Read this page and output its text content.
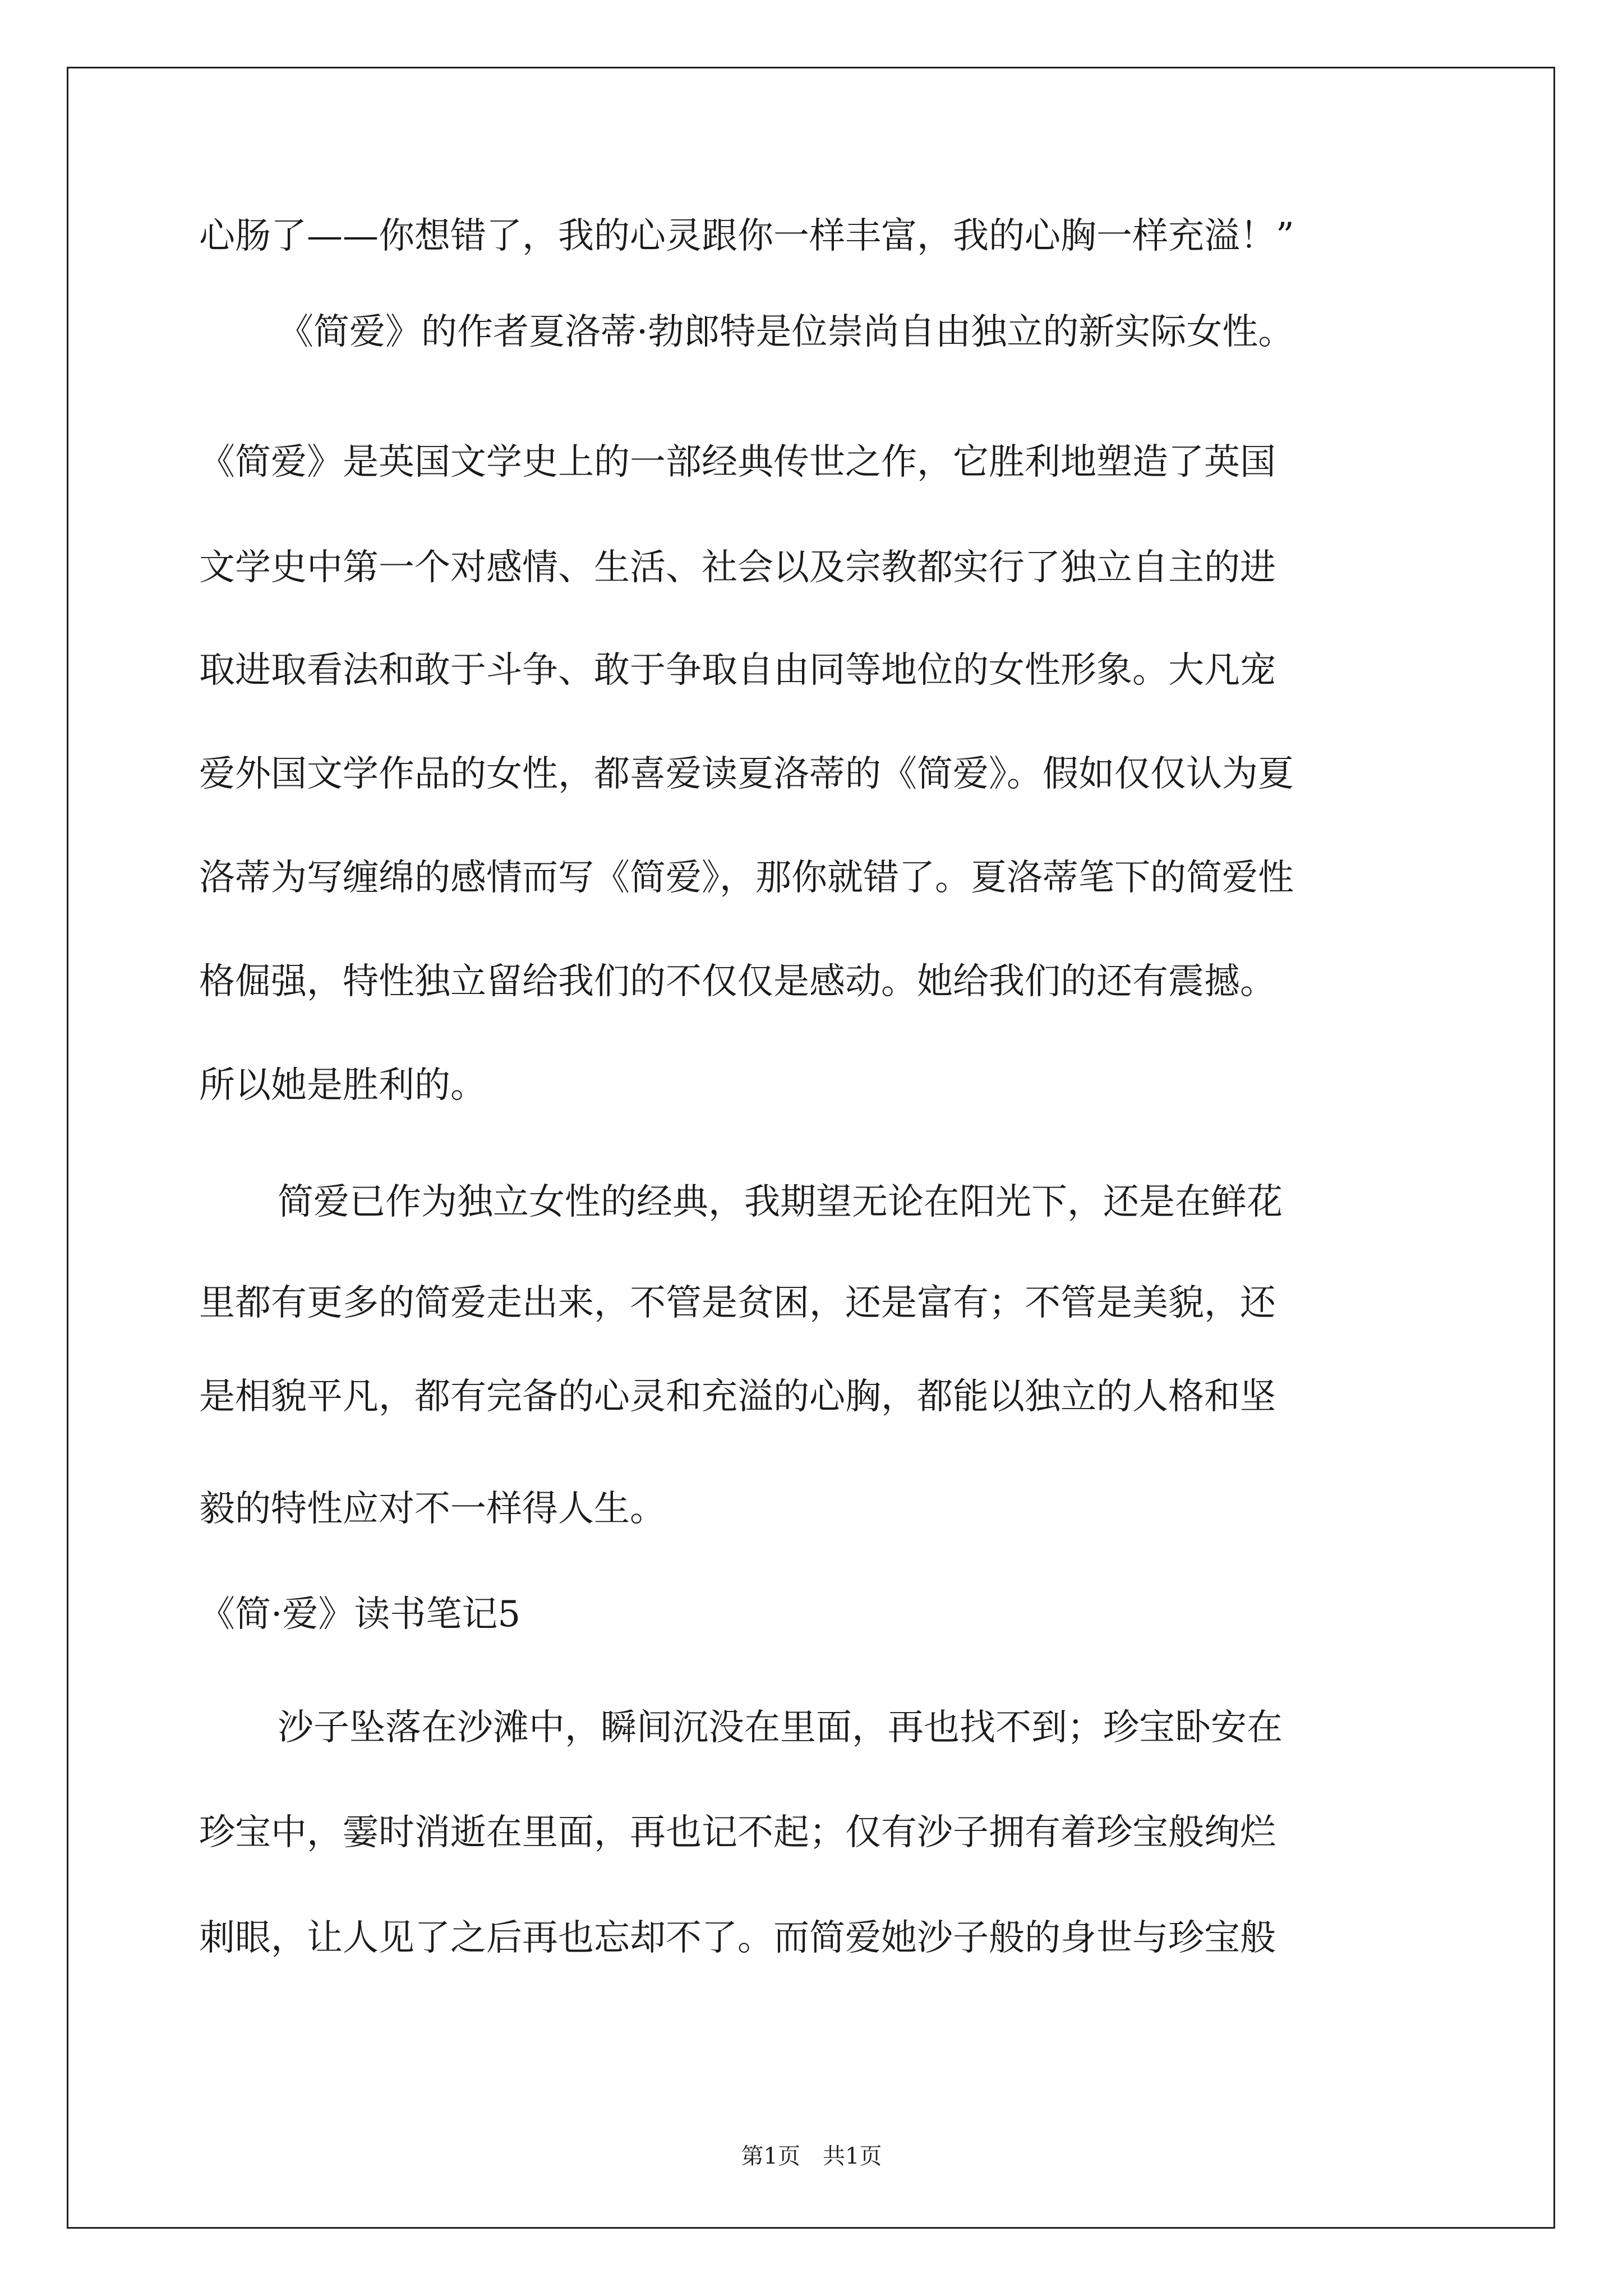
心肠了——你想错了，我的心灵跟你一样丰富，我的心胸一样充溢！”

《简爱》的作者夏洛蒂·勃郎特是位崇尚自由独立的新实际女性。

《简爱》是英国文学史上的一部经典传世之作，它胜利地塑造了英国

文学史中第一个对感情、生活、社会以及宗教都实行了独立自主的进

取进取看法和敢于斗争、敢于争取自由同等地位的女性形象。大凡宠

爱外国文学作品的女性，都喜爱读夏洛蒂的《简爱》。假如仅仅认为夏

洛蒂为写缠绵的感情而写《简爱》，那你就错了。夏洛蒂笔下的简爱性

格倔强，特性独立留给我们的不仅仅是感动。她给我们的还有震撼。

所以她是胜利的。

简爱已作为独立女性的经典，我期望无论在阳光下，还是在鲜花

里都有更多的简爱走出来，不管是贫困，还是富有；不管是美貌，还

是相貌平凡，都有完备的心灵和充溢的心胸，都能以独立的人格和坚

毅的特性应对不一样得人生。

《简·爱》读书笔记5

沙子坠落在沙滩中，瞬间沉没在里面，再也找不到；珍宝卧安在

珍宝中，霎时消逝在里面，再也记不起；仅有沙子拥有着珍宝般绚烂

刺眼，让人见了之后再也忘却不了。而简爱她沙子般的身世与珍宝般

第1页　共1页
